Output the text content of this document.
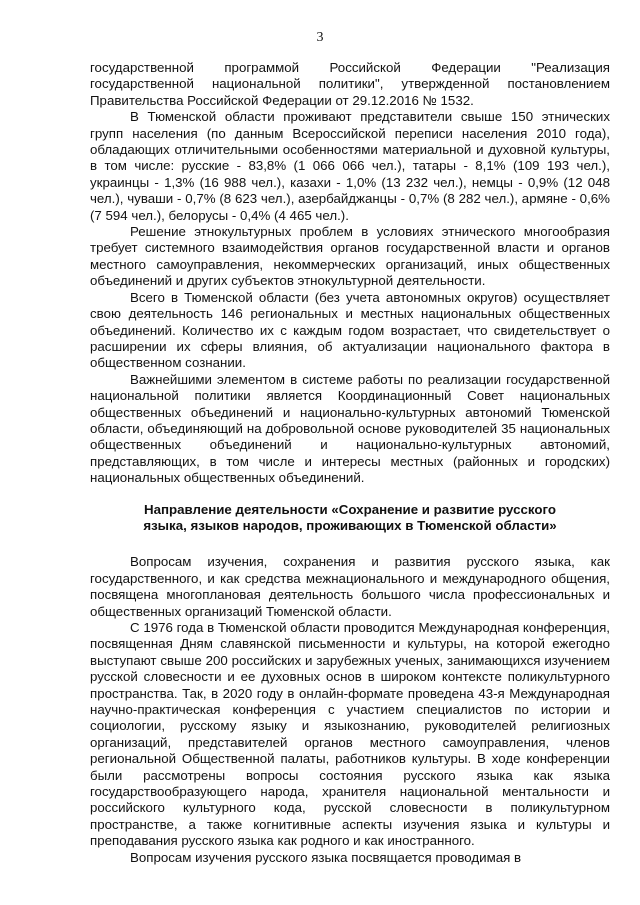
3

государственной программой Российской Федерации "Реализация государственной национальной политики", утвержденной постановлением Правительства Российской Федерации от 29.12.2016 № 1532.

В Тюменской области проживают представители свыше 150 этнических групп населения (по данным Всероссийской переписи населения 2010 года), обладающих отличительными особенностями материальной и духовной культуры, в том числе: русские - 83,8% (1 066 066 чел.), татары - 8,1% (109 193 чел.), украинцы - 1,3% (16 988 чел.), казахи - 1,0% (13 232 чел.), немцы - 0,9% (12 048 чел.), чуваши - 0,7% (8 623 чел.), азербайджанцы - 0,7% (8 282 чел.), армяне - 0,6% (7 594 чел.), белорусы - 0,4% (4 465 чел.).

Решение этнокультурных проблем в условиях этнического многообразия требует системного взаимодействия органов государственной власти и органов местного самоуправления, некоммерческих организаций, иных общественных объединений и других субъектов этнокультурной деятельности.

Всего в Тюменской области (без учета автономных округов) осуществляет свою деятельность 146 региональных и местных национальных общественных объединений. Количество их с каждым годом возрастает, что свидетельствует о расширении их сферы влияния, об актуализации национального фактора в общественном сознании.

Важнейшими элементом в системе работы по реализации государственной национальной политики является Координационный Совет национальных общественных объединений и национально-культурных автономий Тюменской области, объединяющий на добровольной основе руководителей 35 национальных общественных объединений и национально-культурных автономий, представляющих, в том числе и интересы местных (районных и городских) национальных общественных объединений.

Направление деятельности «Сохранение и развитие русского
языка, языков народов, проживающих в Тюменской области»

Вопросам изучения, сохранения и развития русского языка, как государственного, и как средства межнационального и международного общения, посвящена многоплановая деятельность большого числа профессиональных и общественных организаций Тюменской области.

С 1976 года в Тюменской области проводится Международная конференция, посвященная Дням славянской письменности и культуры, на которой ежегодно выступают свыше 200 российских и зарубежных ученых, занимающихся изучением русской словесности и ее духовных основ в широком контексте поликультурного пространства. Так, в 2020 году в онлайн-формате проведена 43-я Международная научно-практическая конференция с участием специалистов по истории и социологии, русскому языку и языкознанию, руководителей религиозных организаций, представителей органов местного самоуправления, членов региональной Общественной палаты, работников культуры. В ходе конференции были рассмотрены вопросы состояния русского языка как языка государствообразующего народа, хранителя национальной ментальности и российского культурного кода, русской словесности в поликультурном пространстве, а также когнитивные аспекты изучения языка и культуры и преподавания русского языка как родного и как иностранного.

Вопросам изучения русского языка посвящается проводимая в
